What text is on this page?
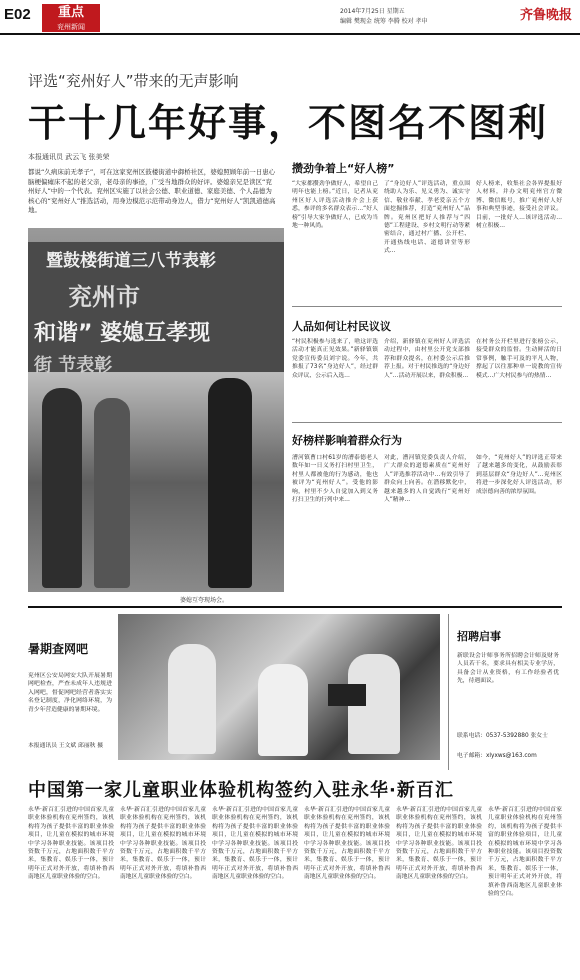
E02	重点
兖州新闻
2014年7月25日 星期五
编辑 樊现金 统筹 李腾 校对 孝申	齐鲁晚报
评选“兖州好人”带来的无声影响
干十几年好事，不图名不图利
本报通讯员 武云飞 张美荣
都说“久病床前无孝子”，可在这家兖州区鼓楼街道中御桥社区，婆媳照顾年前一日患心脑梗偏瘫床不起的老父亲，老母亲的事迹，广受当地群众的好评。婆媳亲兄是读区“兖州好人”中的一个代表。兖州区实施了以社会公德、职业道德、家庭美德、个人品德为核心的“兖州好人”推选活动，用身边模范示范带动身边人，借力“兖州好人”凯凯道德高地。
暨鼓楼街道三八节表彰
兖州市
和谐” 婆媳互孝现
街 节表彰
婆媳互夸现场会。
攒劲争着上“好人榜”
“大家都攒劲争做好人，希望自己明年也能上榜。”近日，记者从兖州区好人评选活动推介会上获悉，参评的多名群众表示…“好人榜”引导大家争做好人，已成为当地一种风尚。
了“身边好人”评选活动，重点围绕助人为乐、见义勇为、诚实守信、敬业奉献、孝老爱亲五个方面挖掘推荐，打造“兖州好人”品牌。兖州区把好人推荐与“四德”工程建设、乡村文明行动等紧密结合，通过村广播、公开栏、开通热线电话、道德讲堂等形式…
好人榜来，收集社会各界提报好人材料，并办文明兖州官方微博、微信账号，推广兖州好人好事和典型事迹，接受社会评议。目前，一批好人…该评选活动…树立积极…
人品如何让村民议议
“村民积极参与选来了，啥这评选活动才能真正见效果。”新驿镇镇党委宣传委员刘宇说。今年，共推报了73名“身边好人”，经过群众评议、公示后入选…
介绍，新驿镇在兖州好人评选活动过程中，由村里公开党支部推荐和群众提名，在村委公示后推荐上报。对于村民推选的“身边好人”…活动开展以来，群众积极…
在村务公开栏里进行张榜公示，接受群众的监督。生动鲜活的日常事例，触手可及的平凡人物，撑起了以往那种单一说教的宣传模式…广大村民参与的热情…
好榜样影响着群众行为
漕河镇曹口村61岁的漕泰德老人数年如一日义务打扫村里卫生，村里人都被他的行为感动，他也被评为“兖州好人”。受他的影响，村里不少人自觉加入到义务打扫卫生的行列中来…
对此，漕河镇党委负责人介绍，广大群众的道德素质在“兖州好人”评选推荐活动中…有效引导了群众向上向善。在潜移默化中，越来越多的人自觉践行“兖州好人”精神…
如今，“兖州好人”的评选正带来了越来越多的变化，从鼓励表彰到基层群众“身边好人”…兖州区将进一步深化好人评选活动，形成崇德向善的浓厚氛围。
暑期查网吧
兖州区公安局网安大队开展暑期网吧检查，严查未成年人违规进入网吧，督促网吧经营者落实实名登记制度，净化网络环境，为青少年营造健康的暑期环境。
本报通讯员 王文斌 邱丽秋 摄
招聘启事
新联设会计师事务所招聘会计师及财务人员若干名，要求具有相关专业学历，具备会计从业资格，有工作经验者优先，待遇面议。
联系电话：0537-5392880 张女士
电子邮箱：xlyxws@163.com
中国第一家儿童职业体验机构签约入驻永华·新百汇
永华·新百汇引进的中国首家儿童职业体验机构在兖州签约，该机构将为孩子提供丰富的职业体验项目，让儿童在模拟的城市环境中学习各种职业技能。该项目投资数千万元，占地面积数千平方米，集教育、娱乐于一体，预计明年正式对外开放，将填补鲁西南地区儿童职业体验的空白。
永华·新百汇引进的中国首家儿童职业体验机构在兖州签约，该机构将为孩子提供丰富的职业体验项目，让儿童在模拟的城市环境中学习各种职业技能。该项目投资数千万元，占地面积数千平方米，集教育、娱乐于一体，预计明年正式对外开放，将填补鲁西南地区儿童职业体验的空白。
永华·新百汇引进的中国首家儿童职业体验机构在兖州签约，该机构将为孩子提供丰富的职业体验项目，让儿童在模拟的城市环境中学习各种职业技能。该项目投资数千万元，占地面积数千平方米，集教育、娱乐于一体，预计明年正式对外开放，将填补鲁西南地区儿童职业体验的空白。
永华·新百汇引进的中国首家儿童职业体验机构在兖州签约，该机构将为孩子提供丰富的职业体验项目，让儿童在模拟的城市环境中学习各种职业技能。该项目投资数千万元，占地面积数千平方米，集教育、娱乐于一体，预计明年正式对外开放，将填补鲁西南地区儿童职业体验的空白。
永华·新百汇引进的中国首家儿童职业体验机构在兖州签约，该机构将为孩子提供丰富的职业体验项目，让儿童在模拟的城市环境中学习各种职业技能。该项目投资数千万元，占地面积数千平方米，集教育、娱乐于一体，预计明年正式对外开放，将填补鲁西南地区儿童职业体验的空白。
永华·新百汇引进的中国首家儿童职业体验机构在兖州签约，该机构将为孩子提供丰富的职业体验项目，让儿童在模拟的城市环境中学习各种职业技能。该项目投资数千万元，占地面积数千平方米，集教育、娱乐于一体，预计明年正式对外开放，将填补鲁西南地区儿童职业体验的空白。
